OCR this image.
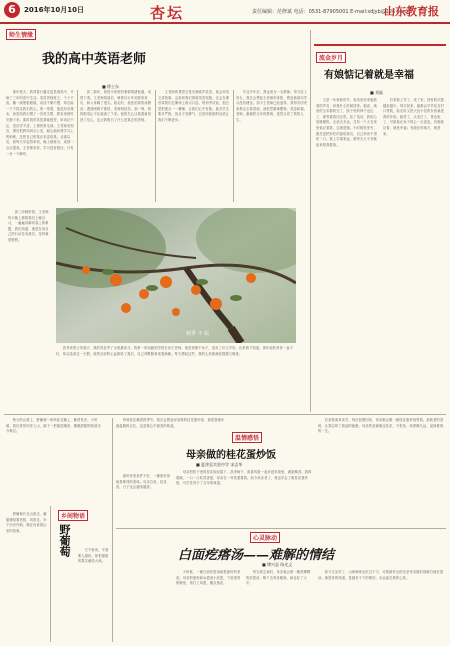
6	2016年10月10日	杏坛	责任编辑：范修斌 电话：0531-87905001 E-mail:sdjyb@126.com
山东教育报
师生情缘
我的高中英语老师
■ 徐士东
　　那年秋天，我背着行囊走进县城高中，开始了三年的高中生活。英语老师姓王，个子不高，戴一副黑框眼镜，说话不紧不慢，却总能一下子抓住我们的心。第一堂课，他没有讲课本，而是给我们唱了一首英文歌，教室里顿时安静下来。那时我的英语基础很差，单词记不住，语法弄不清，上课常常走神。王老师发现后，课后把我叫到办公室，耐心地问我学习上的困难，还把自己的笔记本送给我。从那以后，我每天早起背单词，晚上做练习，成绩一点点提高。王老师常说，学习没有捷径，只有一步一个脚印。
　　高二那年，我因为家里的事情情绪低落，成绩下滑。王老师知道后，骑着自行车到我家家访，和父母聊了很久。临走时，他拍拍我的肩膀说：遇到困难不要怕，老师相信你。那一刻，我的眼泪止不住地流了下来。他的关心让我重新找回了信心，也让我明白了什么是真正的老师。
　　王老师的课堂总是充满欢声笑语。他会用英文讲故事，会组织我们排练英语短剧，还会在课后带我们在操场上练习口语。每到考试前，他总是把重点一一梳理，让我们心中有数。他对学生要求严格，但从不发脾气，总是用鼓励的话语让我们不断进步。
　　毕业多年后，我也成为一名教师。每当站上讲台，我总会想起王老师的身影，想起他那句学习没有捷径。如今王老师已经退休，我每次回老家都会去看望他，他依然精神矍铄，笑容和蔼。老师，谢谢您当年的教诲，是您点亮了我的人生。
秋季 丰 收
　　高三冲刺阶段，王老师每天晚上都陪我们上晚自习，一遍遍讲解试卷上的难题，我们知道，他是在用自己的行动告诉我们，坚持就是胜利。
　　高考成绩公布那天，我的英语考了全班最高分。我第一时间跑到学校告诉王老师，他笑得像个孩子，连说了好几声好。后来我才知道，那年他的身体一直不好，却从没请过一天假。他把全部的心血都给了我们，自己却默默承受着病痛。每当想起这些，我的心里都满是感激与敬意。
流金岁月
有娘惦记着就是幸福
■ 刘磊
　　又是一年秋收时节，电话里传来娘熟悉的声音，问我什么时候回家。娘说，地里的玉米都收完了，院子里的柿子也红了，就等着我回去吃。挂了电话，我的心里暖暖的。无论走多远，总有一个人在家里惦记着我，这就是娘。小时候家里穷，娘总是把好吃的留给我们，自己却舍不得吃一口。我上学离家远，娘每天天不亮就起来给我做饭。
　　后来我工作了，成了家，回家的次数越来越少。每次回家，娘都会早早站在村口等我，临走时又把大包小包的东西塞进我的车里。娘老了，头发白了，背也驼了，可她惦记孩子的心一点没变。有娘惦记着，就是幸福；有娘在的地方，就是家。
　　秋天的山坡上，野葡萄一串串挂在藤上，紫得发亮。小时候，我们常常结伴上山，摘下一把塞进嘴里，酸酸甜甜的味道至今难忘。
乡间物语
野葡萄
　　野葡萄长在山崖边，藤蔓缠绕着老树，风吹过，叶子沙沙作响，像在诉说着山里的故事。
　　它不娇贵，不需要人照料，却把最甜的果实献给大地。
　　每到桂花飘香的季节，我总会想起母亲做的桂花蛋炒饭，那是我童年最温暖的记忆，也是我心中最美的味道。
温情感悟
母亲做的桂花蛋炒饭
■ 夏津县实验中学 宋志华
　　母亲把院子里的桂花轻轻摇下，洗净晾干，和着鸡蛋一起炒进米饭里，满屋飘香。我捧着碗，一口一口吃得香甜，母亲在一旁笑着看我。如今母亲老了，我也学会了做桂花蛋炒饭，可总觉得少了当年的味道。
　　那时家里条件不好，一碗蛋炒饭就是难得的美味。母亲总说，桂花香，日子也会越来越香。
　　后来我离家求学，每次放假回家，母亲都会做一碗桂花蛋炒饭等我。那熟悉的香味，让我忘却了旅途的疲惫。母亲的爱就像这桂花，不张扬，却香飘久远，浸润着我的一生。
心灵脉动
白面疙瘩汤——难解的情结
■ 博兴县 陈光义
　　小时候，一碗白面疙瘩汤就是最好的美食。母亲把面粉和水搅成小疙瘩，下进滚烫的锅里，再打上鸡蛋，撒点葱花。
　　每当我生病时，母亲就会做一碗热腾腾的疙瘩汤，喝下去浑身暖和，病也好了大半。
　　如今生活好了，山珍海味也吃过不少，可我最怀念的还是母亲做的那碗白面疙瘩汤。那是家的味道，是割舍不下的情结，永远留在我的心底。
